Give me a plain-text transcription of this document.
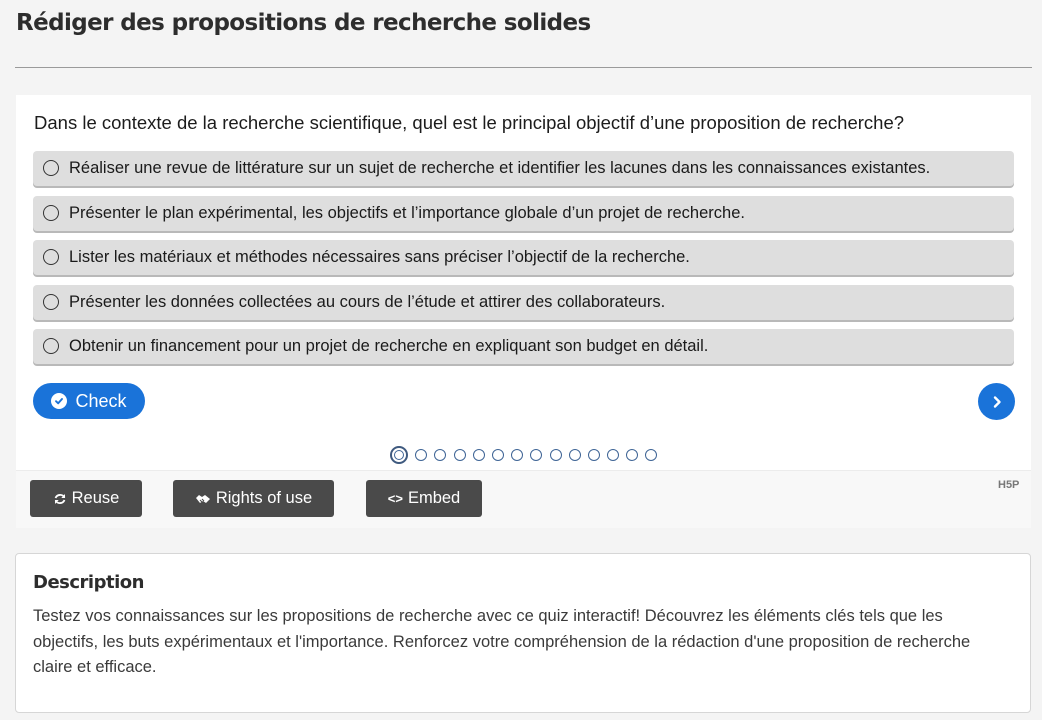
Rédiger des propositions de recherche solides
Dans le contexte de la recherche scientifique, quel est le principal objectif d’une proposition de recherche?
Réaliser une revue de littérature sur un sujet de recherche et identifier les lacunes dans les connaissances existantes.
Présenter le plan expérimental, les objectifs et l’importance globale d’un projet de recherche.
Lister les matériaux et méthodes nécessaires sans préciser l’objectif de la recherche.
Présenter les données collectées au cours de l’étude et attirer des collaborateurs.
Obtenir un financement pour un projet de recherche en expliquant son budget en détail.
Check
Reuse	Rights of use	<> Embed
H5P
Description
Testez vos connaissances sur les propositions de recherche avec ce quiz interactif! Découvrez les éléments clés tels que les objectifs, les buts expérimentaux et l'importance. Renforcez votre compréhension de la rédaction d'une proposition de recherche claire et efficace.
